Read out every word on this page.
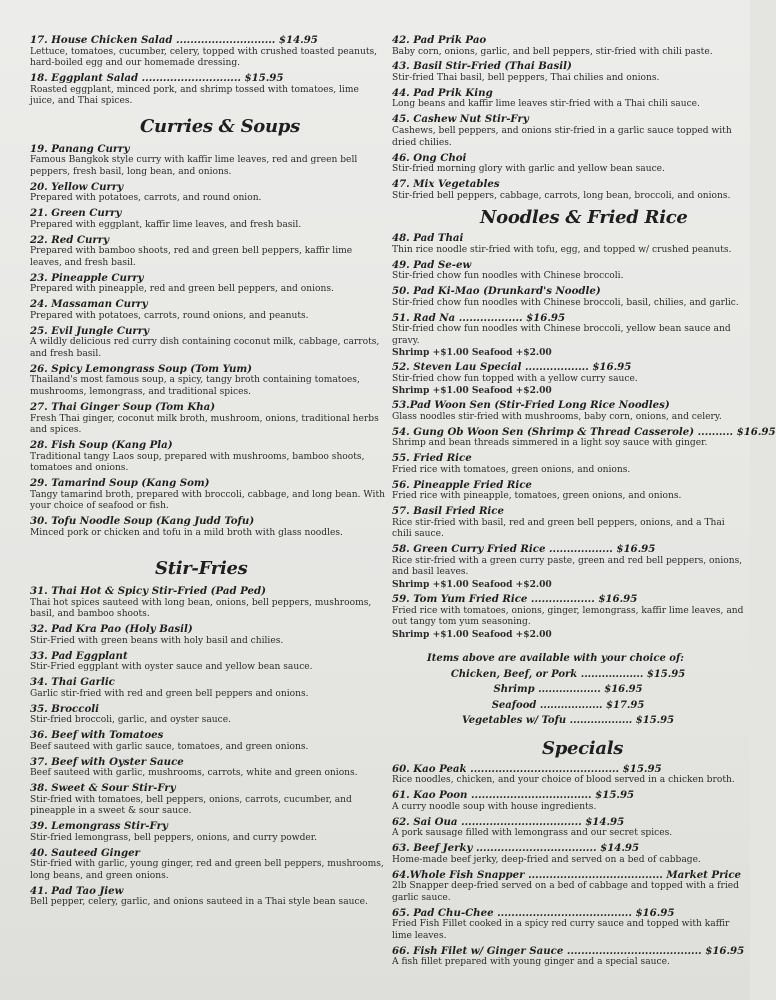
17. House Chicken Salad ............................ $14.95
Lettuce, tomatoes, cucumber, celery, topped with crushed toasted peanuts, hard-boiled egg and our homemade dressing.
18. Eggplant Salad ............................ $15.95
Roasted eggplant, minced pork, and shrimp tossed with tomatoes, lime juice, and Thai spices.
Curries & Soups
19. Panang Curry
Famous Bangkok style curry with kaffir lime leaves, red and green bell peppers, fresh basil, long bean, and onions.
20. Yellow Curry
Prepared with potatoes, carrots, and round onion.
21. Green Curry
Prepared with eggplant, kaffir lime leaves, and fresh basil.
22. Red Curry
Prepared with bamboo shoots, red and green bell peppers, kaffir lime leaves, and fresh basil.
23. Pineapple Curry
Prepared with pineapple, red and green bell peppers, and onions.
24. Massaman Curry
Prepared with potatoes, carrots, round onions, and peanuts.
25. Evil Jungle Curry
A wildly delicious red curry dish containing coconut milk, cabbage, carrots, and fresh basil.
26. Spicy Lemongrass Soup (Tom Yum)
Thailand's most famous soup, a spicy, tangy broth containing tomatoes, mushrooms, lemongrass, and traditional spices.
27. Thai Ginger Soup (Tom Kha)
Fresh Thai ginger, coconut milk broth, mushroom, onions, traditional herbs and spices.
28. Fish Soup (Kang Pla)
Traditional tangy Laos soup, prepared with mushrooms, bamboo shoots, tomatoes and onions.
29. Tamarind Soup (Kang Som)
Tangy tamarind broth, prepared with broccoli, cabbage, and long bean. With your choice of seafood or fish.
30. Tofu Noodle Soup (Kang Judd Tofu)
Minced pork or chicken and tofu in a mild broth with glass noodles.
Stir-Fries
31. Thai Hot & Spicy Stir-Fried (Pad Ped)
Thai hot spices sauteed with long bean, onions, bell peppers, mushrooms, basil, and bamboo shoots.
32. Pad Kra Pao (Holy Basil)
Stir-Fried with green beans with holy basil and chilies.
33. Pad Eggplant
Stir-Fried eggplant with oyster sauce and yellow bean sauce.
34. Thai Garlic
Garlic stir-fried with red and green bell peppers and onions.
35. Broccoli
Stir-fried broccoli, garlic, and oyster sauce.
36. Beef with Tomatoes
Beef sauteed with garlic sauce, tomatoes, and green onions.
37. Beef with Oyster Sauce
Beef sauteed with garlic, mushrooms, carrots, white and green onions.
38. Sweet & Sour Stir-Fry
Stir-fried with tomatoes, bell peppers, onions, carrots, cucumber, and pineapple in a sweet & sour sauce.
39. Lemongrass Stir-Fry
Stir-fried lemongrass, bell peppers, onions, and curry powder.
40. Sauteed Ginger
Stir-fried with garlic, young ginger, red and green bell peppers, mushrooms, long beans, and green onions.
41. Pad Tao Jiew
Bell pepper, celery, garlic, and onions sauteed in a Thai style bean sauce.
42. Pad Prik Pao
Baby corn, onions, garlic, and bell peppers, stir-fried with chili paste.
43. Basil Stir-Fried (Thai Basil)
Stir-fried Thai basil, bell peppers, Thai chilies and onions.
44. Pad Prik King
Long beans and kaffir lime leaves stir-fried with a Thai chili sauce.
45. Cashew Nut Stir-Fry
Cashews, bell peppers, and onions stir-fried in a garlic sauce topped with dried chilies.
46. Ong Choi
Stir-fried morning glory with garlic and yellow bean sauce.
47. Mix Vegetables
Stir-fried bell peppers, cabbage, carrots, long bean, broccoli, and onions.
Noodles & Fried Rice
48. Pad Thai
Thin rice noodle stir-fried with tofu, egg, and topped w/ crushed peanuts.
49. Pad Se-ew
Stir-fried chow fun noodles with Chinese broccoli.
50. Pad Ki-Mao (Drunkard's Noodle)
Stir-fried chow fun noodles with Chinese broccoli, basil, chilies, and garlic.
51. Rad Na .................. $16.95
Stir-fried chow fun noodles with Chinese broccoli, yellow bean sauce and gravy.
Shrimp +$1.00 Seafood +$2.00
52. Steven Lau Special .................. $16.95
Stir-fried chow fun topped with a yellow curry sauce.
Shrimp +$1.00 Seafood +$2.00
53.Pad Woon Sen (Stir-Fried Long Rice Noodles)
Glass noodles stir-fried with mushrooms, baby corn, onions, and celery.
54. Gung Ob Woon Sen (Shrimp & Thread Casserole) .......... $16.95
Shrimp and bean threads simmered in a light soy sauce with ginger.
55. Fried Rice
Fried rice with tomatoes, green onions, and onions.
56. Pineapple Fried Rice
Fried rice with pineapple, tomatoes, green onions, and onions.
57. Basil Fried Rice
Rice stir-fried with basil, red and green bell peppers, onions, and a Thai chili sauce.
58. Green Curry Fried Rice .................. $16.95
Rice stir-fried with a green curry paste, green and red bell peppers, onions, and basil leaves.
Shrimp +$1.00 Seafood +$2.00
59. Tom Yum Fried Rice .................. $16.95
Fried rice with tomatoes, onions, ginger, lemongrass, kaffir lime leaves, and out tangy tom yum seasoning.
Shrimp +$1.00 Seafood +$2.00
Items above are available with your choice of:
Chicken, Beef, or Pork .................. $15.95
Shrimp .................. $16.95
Seafood .................. $17.95
Vegetables w/ Tofu .................. $15.95
Specials
60. Kao Peak .......................................... $15.95
Rice noodles, chicken, and your choice of blood served in a chicken broth.
61. Kao Poon .................................. $15.95
A curry noodle soup with house ingredients.
62. Sai Oua .................................. $14.95
A pork sausage filled with lemongrass and our secret spices.
63. Beef Jerky .................................. $14.95
Home-made beef jerky, deep-fried and served on a bed of cabbage.
64.Whole Fish Snapper ...................................... Market Price
2lb Snapper deep-fried served on a bed of cabbage and topped with a fried garlic sauce.
65. Pad Chu-Chee ...................................... $16.95
Fried Fish Fillet cooked in a spicy red curry sauce and topped with kaffir lime leaves.
66. Fish Filet w/ Ginger Sauce ...................................... $16.95
A fish fillet prepared with young ginger and a special sauce.
